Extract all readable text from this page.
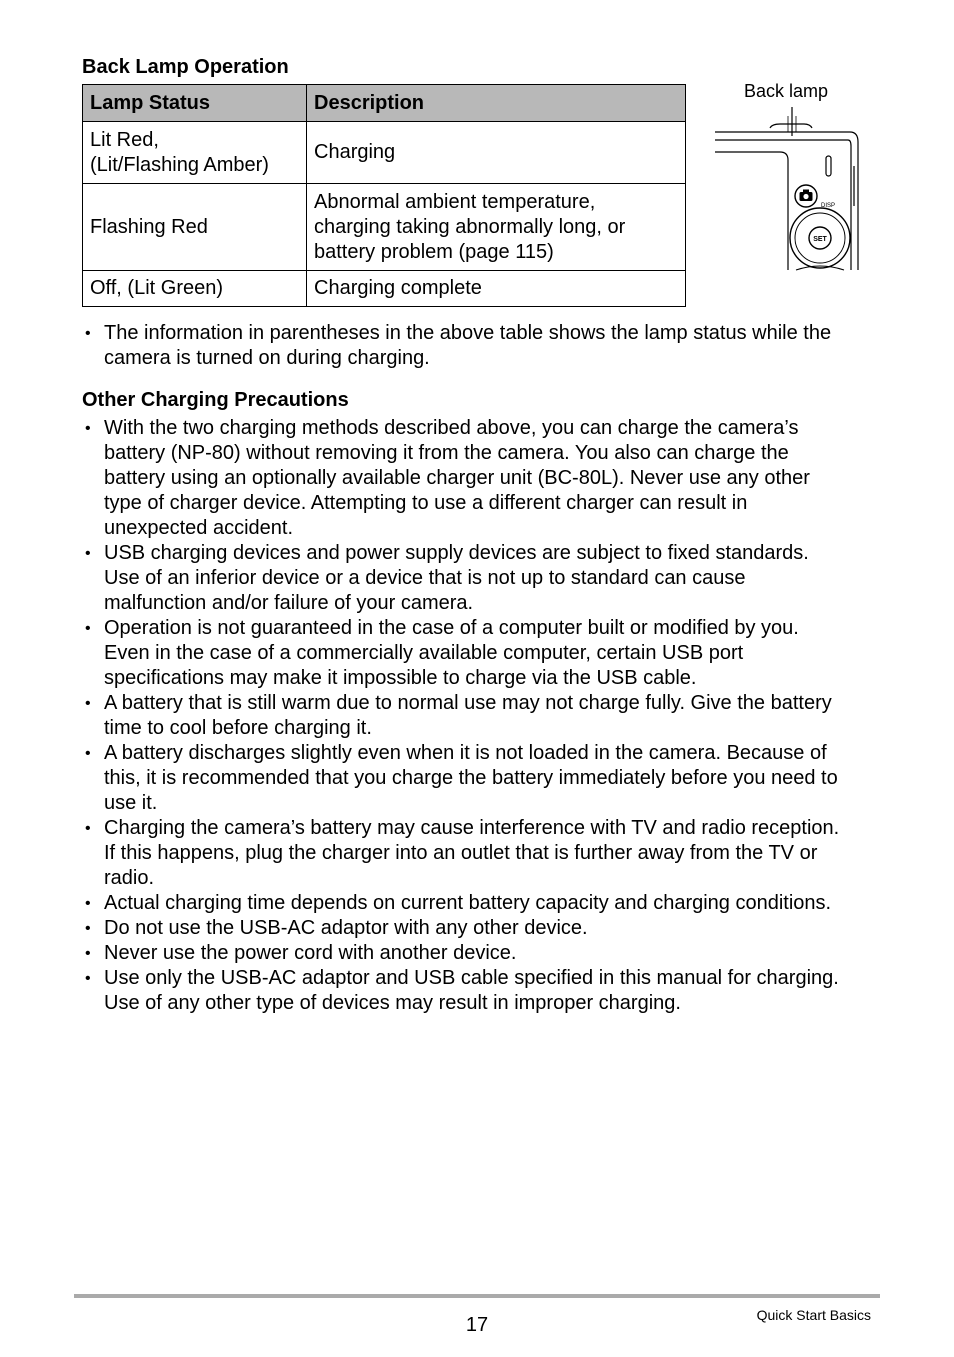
Back Lamp Operation
Lamp Status	Description

Lit Red,
(Lit/Flashing Amber)	Charging

Flashing Red	Abnormal ambient temperature,
charging taking abnormally long, or
battery problem (page 115)

Off, (Lit Green)	Charging complete
Back lamp
DISP
SET
• The information in parentheses in the above table shows the lamp status while the
camera is turned on during charging.
Other Charging Precautions
• With the two charging methods described above, you can charge the camera’s
battery (NP-80) without removing it from the camera. You also can charge the
battery using an optionally available charger unit (BC-80L). Never use any other
type of charger device. Attempting to use a different charger can result in
unexpected accident.
• USB charging devices and power supply devices are subject to fixed standards.
Use of an inferior device or a device that is not up to standard can cause
malfunction and/or failure of your camera.
• Operation is not guaranteed in the case of a computer built or modified by you.
Even in the case of a commercially available computer, certain USB port
specifications may make it impossible to charge via the USB cable.
• A battery that is still warm due to normal use may not charge fully. Give the battery
time to cool before charging it.
• A battery discharges slightly even when it is not loaded in the camera. Because of
this, it is recommended that you charge the battery immediately before you need to
use it.
• Charging the camera’s battery may cause interference with TV and radio reception.
If this happens, plug the charger into an outlet that is further away from the TV or
radio.
• Actual charging time depends on current battery capacity and charging conditions.
• Do not use the USB-AC adaptor with any other device.
• Never use the power cord with another device.
• Use only the USB-AC adaptor and USB cable specified in this manual for charging.
Use of any other type of devices may result in improper charging.
17	Quick Start Basics
